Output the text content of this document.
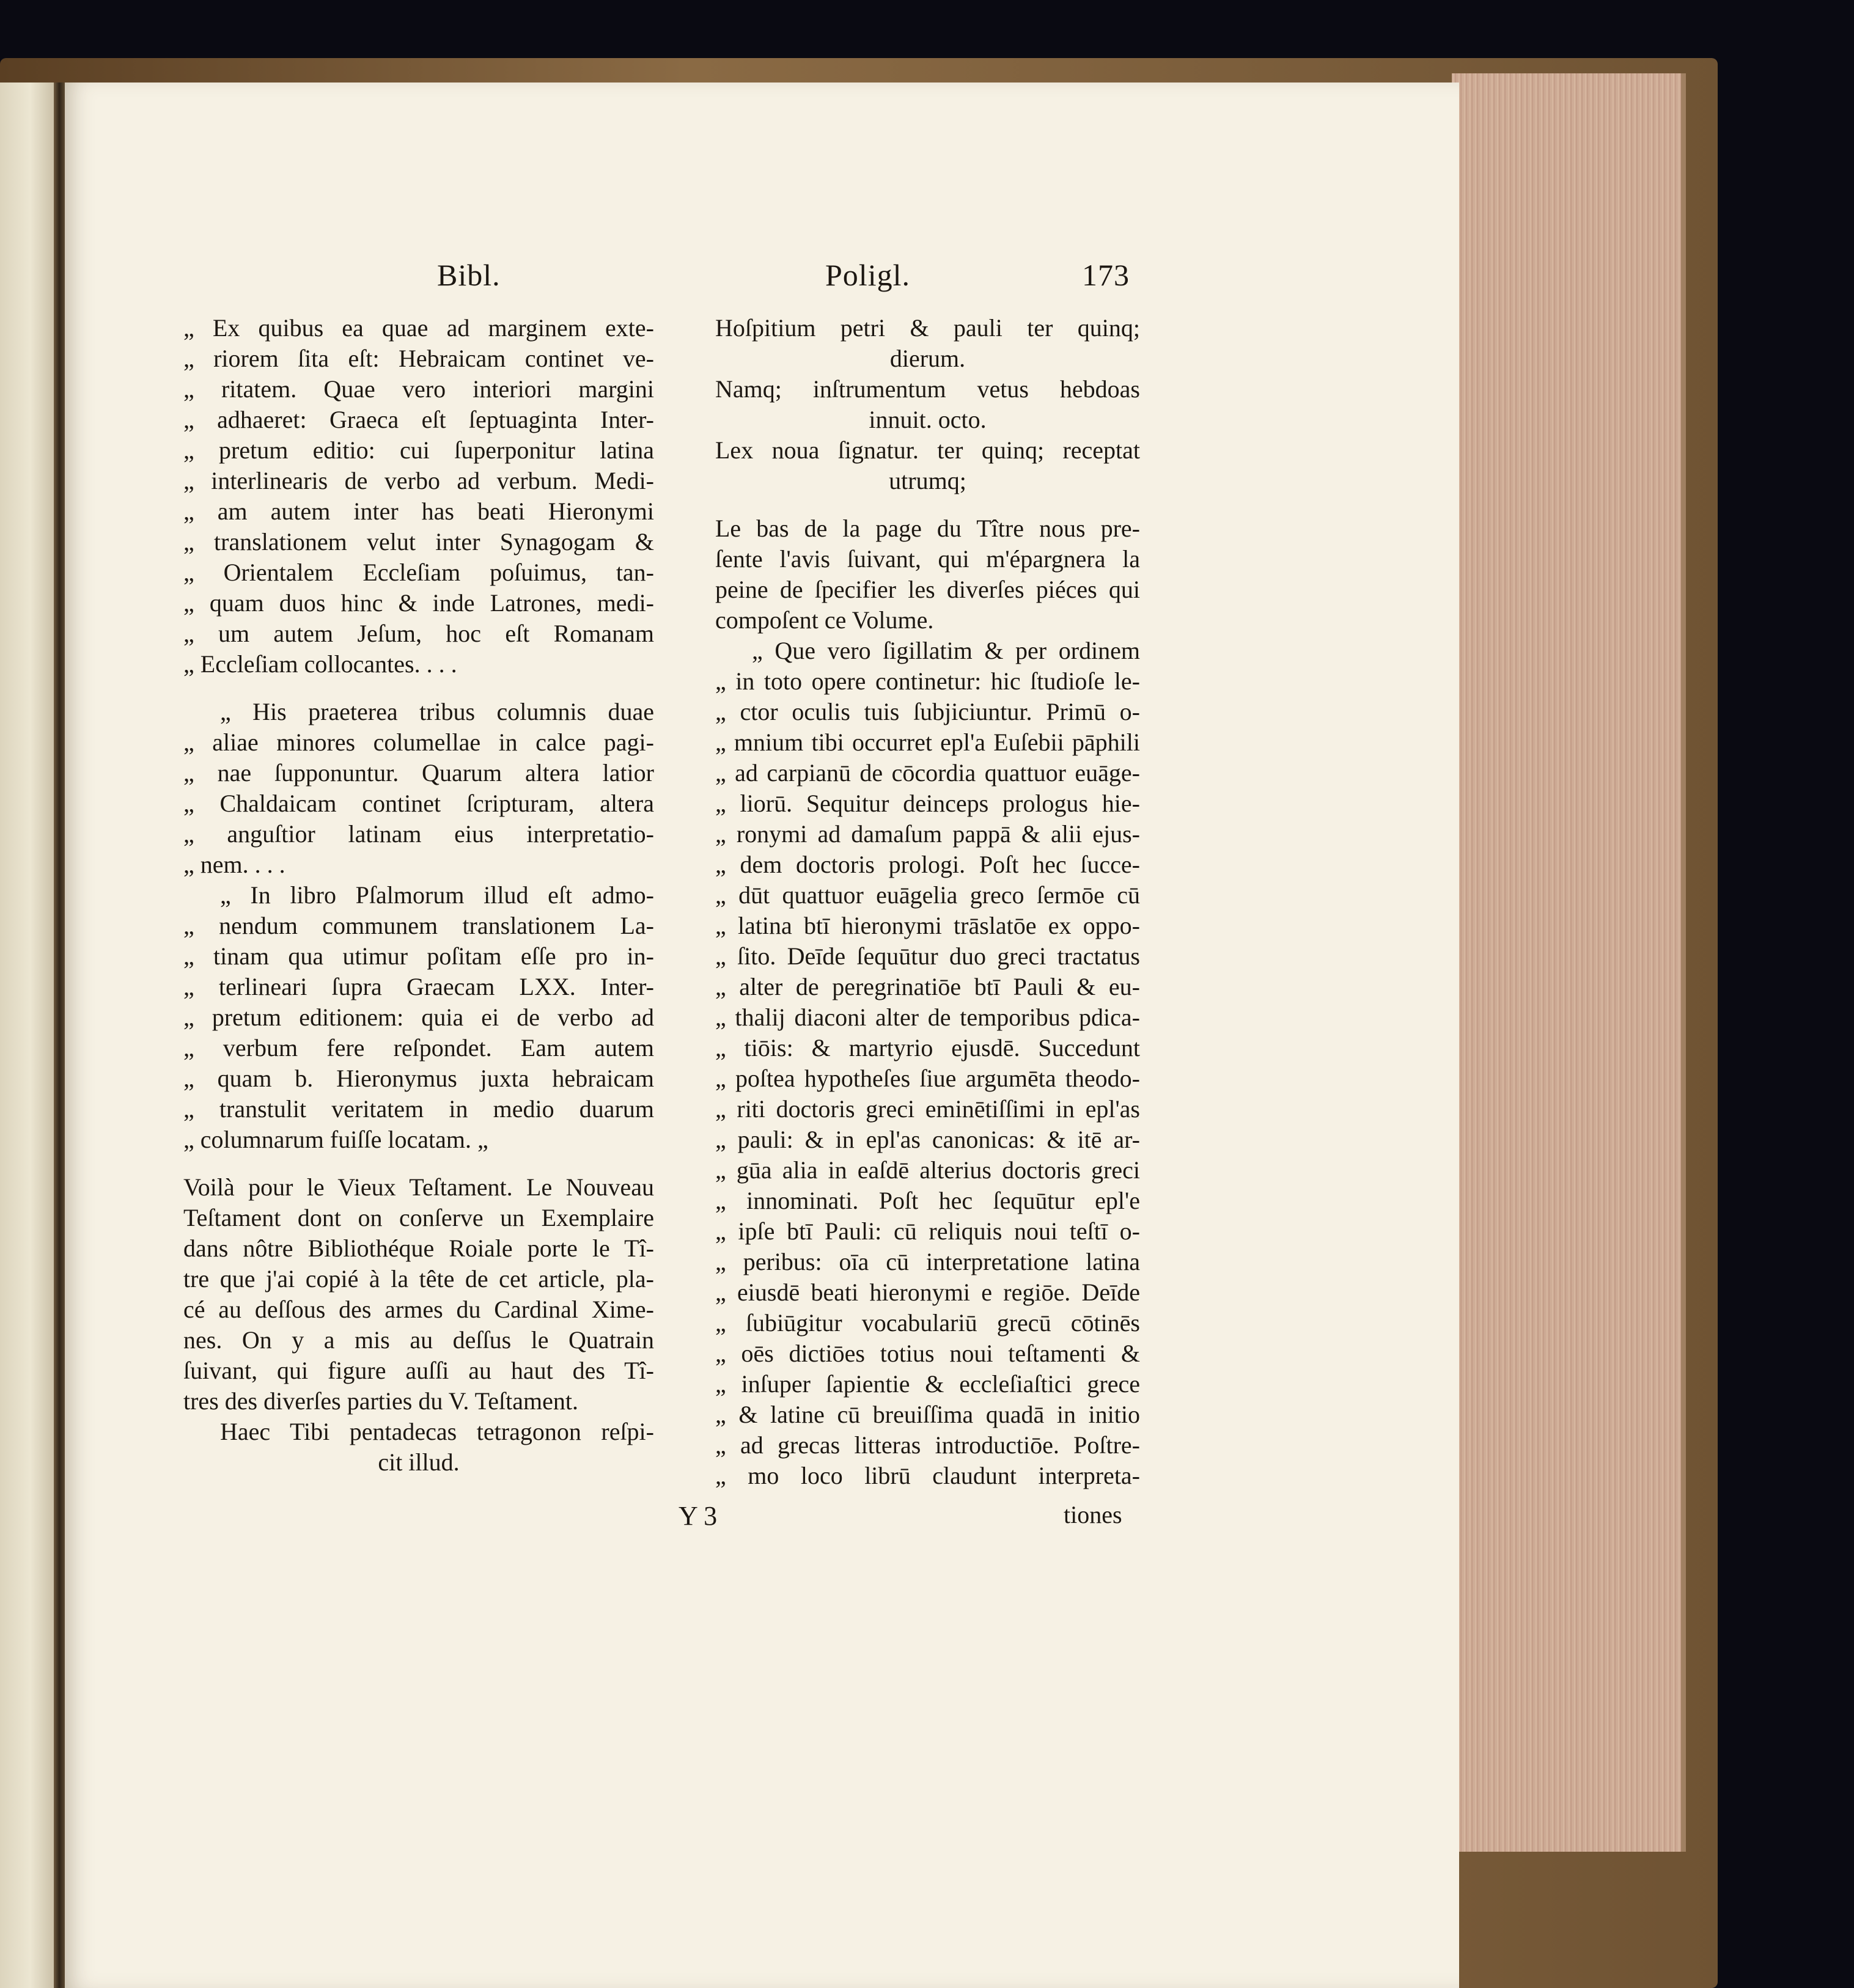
Bibl.	Poligl.	173
„ Ex quibus ea quae ad marginem exte-
„ riorem ſita eſt: Hebraicam continet ve-
„ ritatem. Quae vero interiori margini
„ adhaeret: Graeca eſt ſeptuaginta Inter-
„ pretum editio: cui ſuperponitur latina
„ interlinearis de verbo ad verbum. Medi-
„ am autem inter has beati Hieronymi
„ translationem velut inter Synagogam &
„ Orientalem Eccleſiam poſuimus, tan-
„ quam duos hinc & inde Latrones, medi-
„ um autem Jeſum, hoc eſt Romanam
„ Eccleſiam collocantes. . . .
„ His praeterea tribus columnis duae
„ aliae minores columellae in calce pagi-
„ nae ſupponuntur. Quarum altera latior
„ Chaldaicam continet ſcripturam, altera
„ anguſtior latinam eius interpretatio-
„ nem. . . .
„ In libro Pſalmorum illud eſt admo-
„ nendum communem translationem La-
„ tinam qua utimur poſitam eſſe pro in-
„ terlineari ſupra Graecam LXX. Inter-
„ pretum editionem: quia ei de verbo ad
„ verbum fere reſpondet. Eam autem
„ quam b. Hieronymus juxta hebraicam
„ transtulit veritatem in medio duarum
„ columnarum fuiſſe locatam. „
Voilà pour le Vieux Teſtament. Le Nouveau
Teſtament dont on conſerve un Exemplaire
dans nôtre Bibliothéque Roiale porte le Tî-
tre que j'ai copié à la tête de cet article, pla-
cé au deſſous des armes du Cardinal Xime-
nes. On y a mis au deſſus le Quatrain
ſuivant, qui figure auſſi au haut des Tî-
tres des diverſes parties du V. Teſtament.
Haec Tibi pentadecas tetragonon reſpi-
cit illud.
Hoſpitium petri & pauli ter quinq;
dierum.
Namq; inſtrumentum vetus hebdoas
innuit. octo.
Lex noua ſignatur. ter quinq; receptat
utrumq;
Le bas de la page du Tître nous pre-
ſente l'avis ſuivant, qui m'épargnera la
peine de ſpecifier les diverſes piéces qui
compoſent ce Volume.
„ Que vero ſigillatim & per ordinem
„ in toto opere continetur: hic ſtudioſe le-
„ ctor oculis tuis ſubjiciuntur. Primū o-
„ mnium tibi occurret epl'a Euſebii pāphili
„ ad carpianū de cōcordia quattuor euāge-
„ liorū. Sequitur deinceps prologus hie-
„ ronymi ad damaſum pappā & alii ejus-
„ dem doctoris prologi. Poſt hec ſucce-
„ dūt quattuor euāgelia greco ſermōe cū
„ latina btī hieronymi trāslatōe ex oppo-
„ ſito. Deīde ſequūtur duo greci tractatus
„ alter de peregrinatiōe btī Pauli & eu-
„ thalij diaconi alter de temporibus pdica-
„ tiōis: & martyrio ejusdē. Succedunt
„ poſtea hypotheſes ſiue argumēta theodo-
„ riti doctoris greci eminētiſſimi in epl'as
„ pauli: & in epl'as canonicas: & itē ar-
„ gūa alia in eaſdē alterius doctoris greci
„ innominati. Poſt hec ſequūtur epl'e
„ ipſe btī Pauli: cū reliquis noui teſtī o-
„ peribus: oīa cū interpretatione latina
„ eiusdē beati hieronymi e regiōe. Deīde
„ ſubiūgitur vocabulariū grecū cōtinēs
„ oēs dictiōes totius noui teſtamenti &
„ inſuper ſapientie & eccleſiaſtici grece
„ & latine cū breuiſſima quadā in initio
„ ad grecas litteras introductiōe. Poſtre-
„ mo loco librū claudunt interpreta-
Y 3	tiones
